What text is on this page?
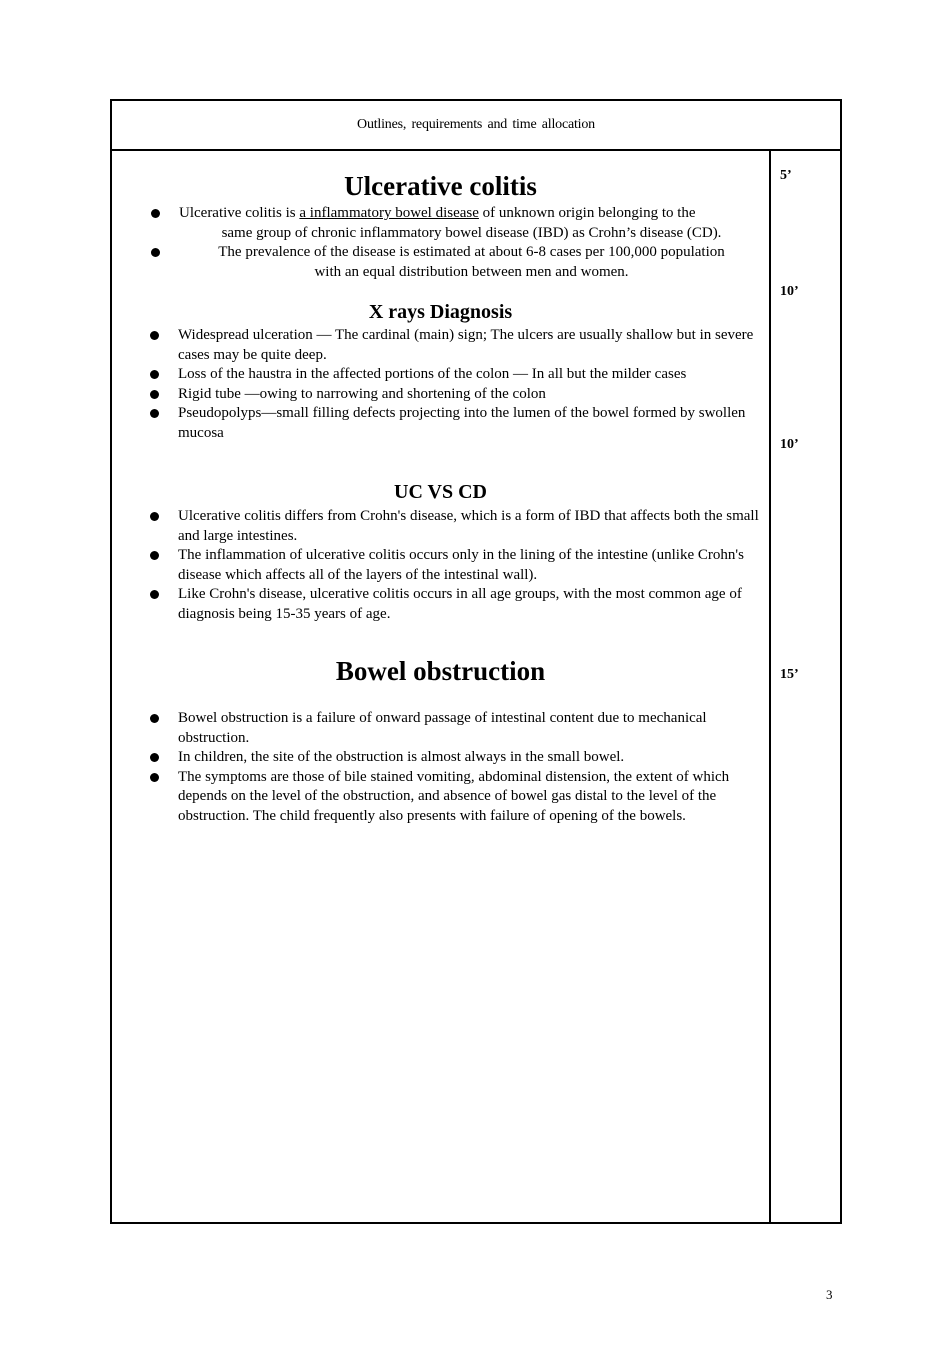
Outlines, requirements and time allocation
5’
10’
10’
15’
Ulcerative colitis
Ulcerative colitis is a inflammatory bowel disease of unknown origin belonging to the
same group of chronic inflammatory bowel disease (IBD) as Crohn’s disease (CD).
The prevalence of the disease is estimated at about 6-8 cases per 100,000 population
with an equal distribution between men and women.
X rays Diagnosis
Widespread ulceration — The cardinal (main) sign; The ulcers are usually shallow but in severe cases may be quite deep.
Loss of the haustra in the affected portions of the colon — In all but the milder cases
Rigid tube —owing to narrowing and shortening of the colon
Pseudopolyps—small filling defects projecting into the lumen of the bowel formed by swollen mucosa
UC VS CD
Ulcerative colitis differs from Crohn's disease, which is a form of IBD that affects both the small and large intestines.
The inflammation of ulcerative colitis occurs only in the lining of the intestine (unlike Crohn's disease which affects all of the layers of the intestinal wall).
Like Crohn's disease, ulcerative colitis occurs in all age groups, with the most common age of diagnosis being 15-35 years of age.
Bowel obstruction
Bowel obstruction is a failure of onward passage of intestinal content due to mechanical obstruction.
In children, the site of the obstruction is almost always in the small bowel.
The symptoms are those of bile stained vomiting, abdominal distension, the extent of which depends on the level of the obstruction, and absence of bowel gas distal to the level of the obstruction. The child frequently also presents with failure of opening of the bowels.
3
